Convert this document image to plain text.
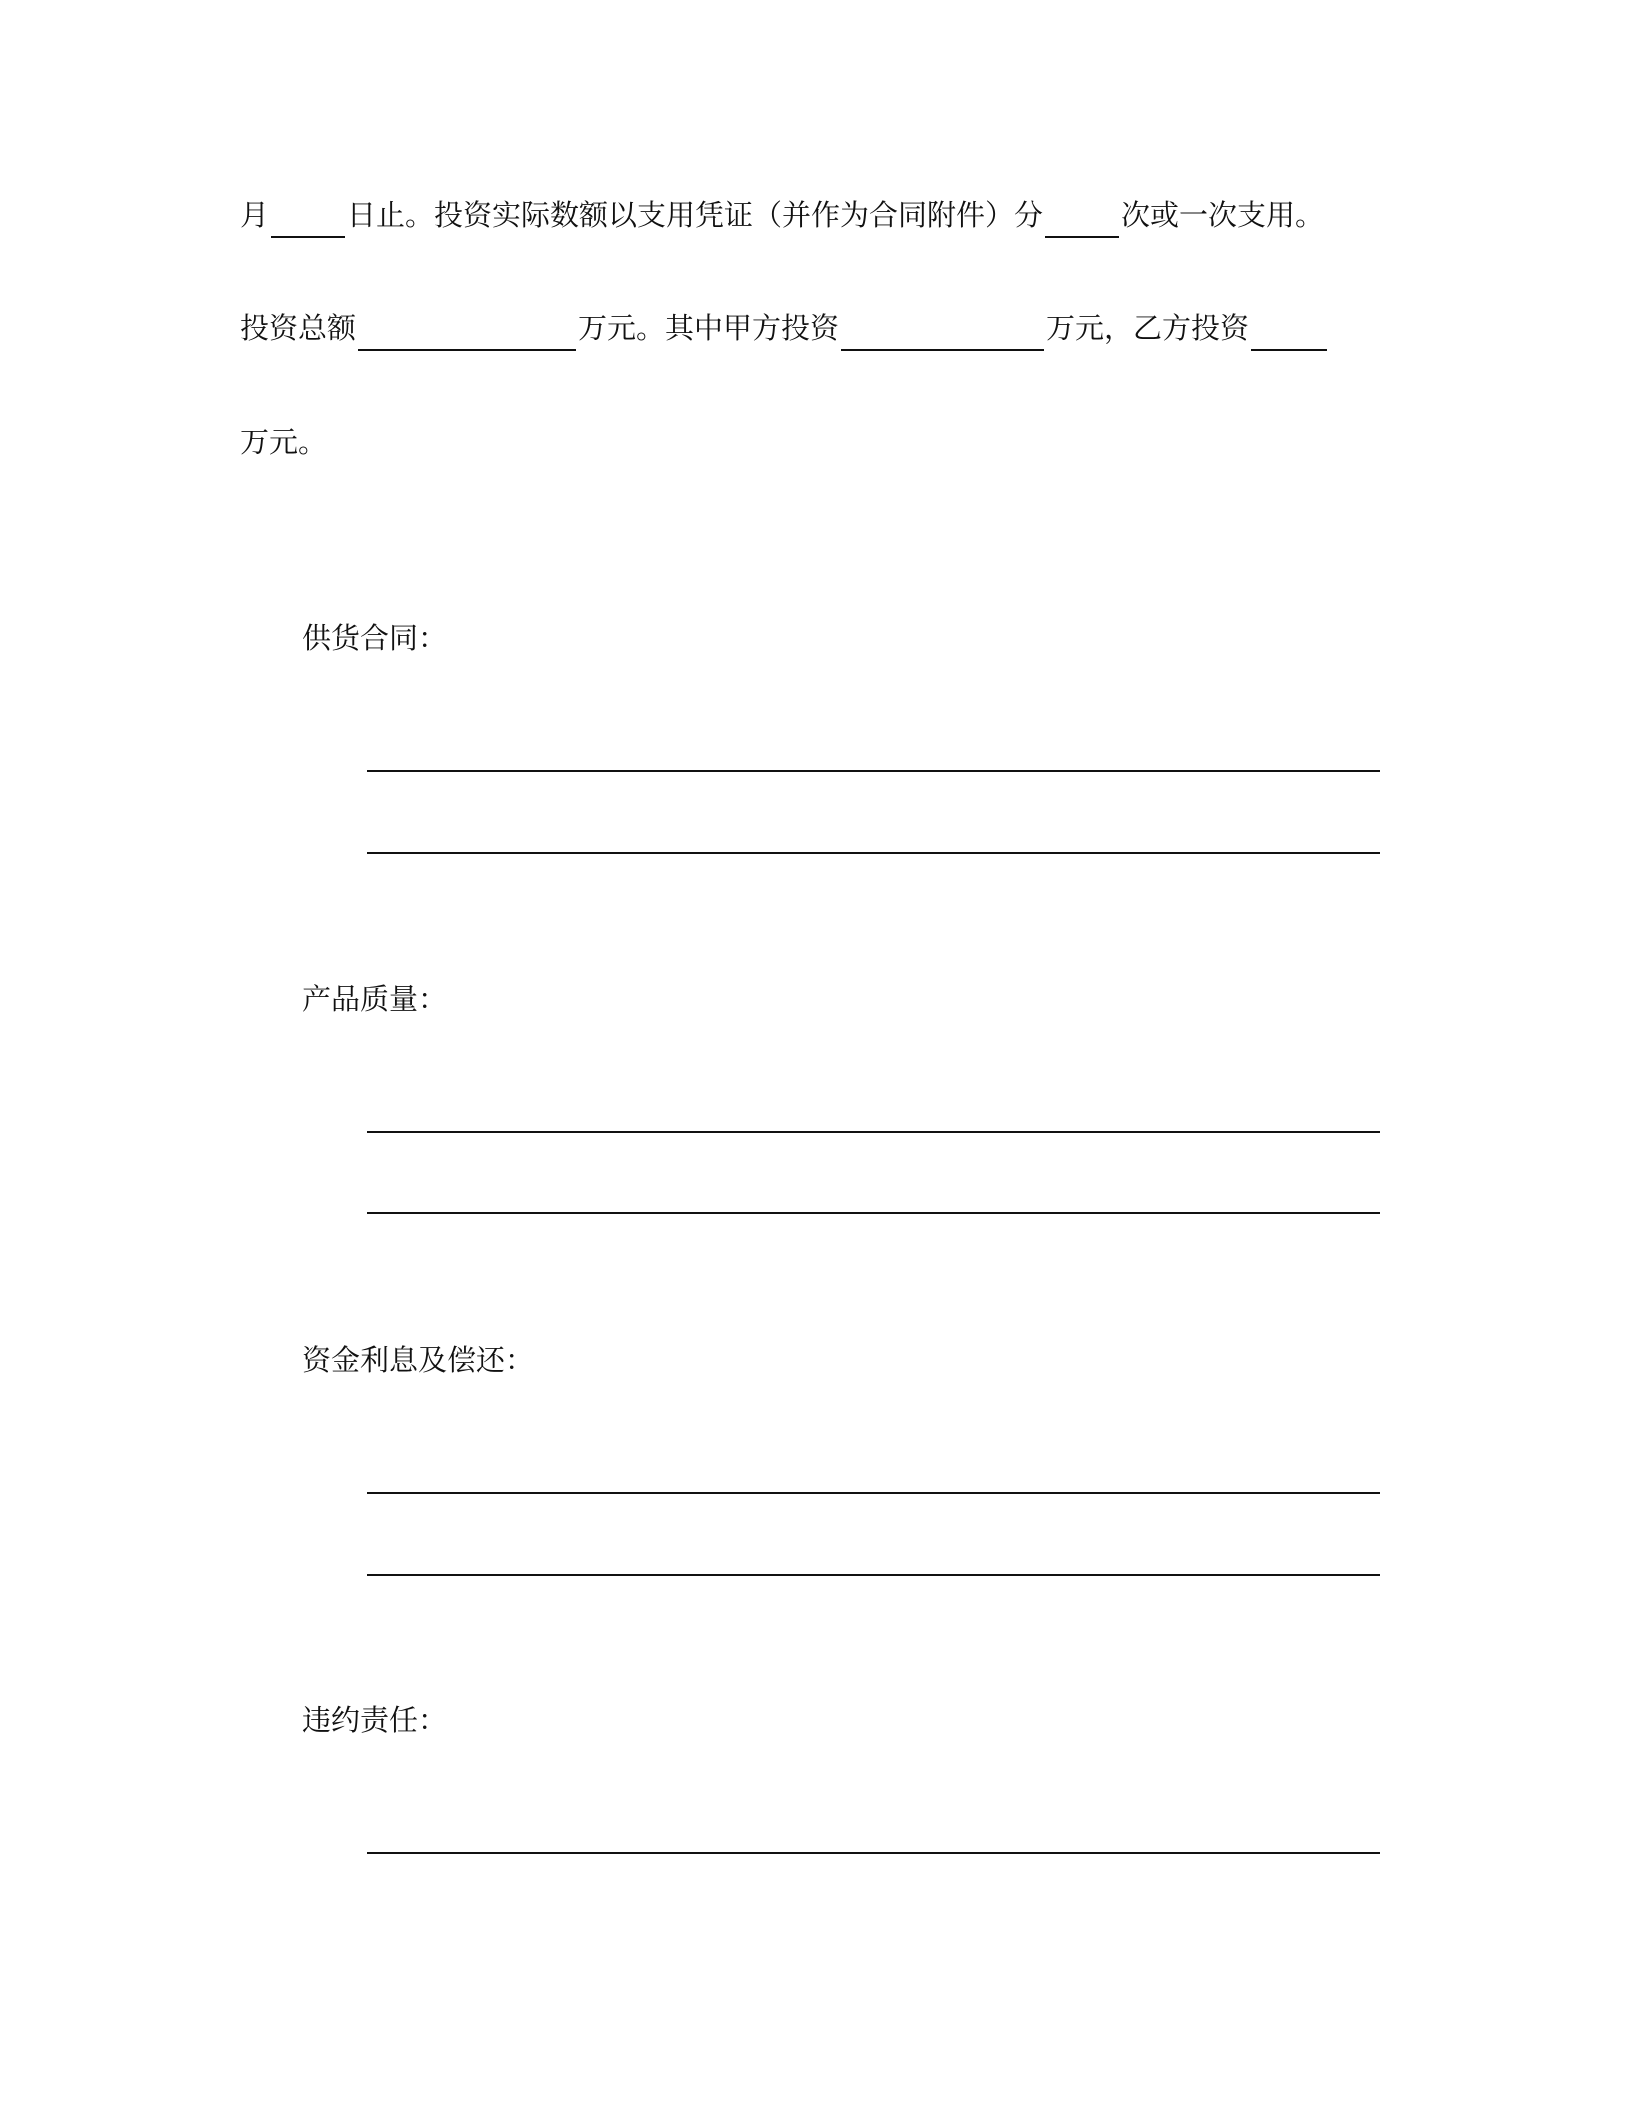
月	日止。投资实际数额以支用凭证（并作为合同附件）分	次或一次支用。
投资总额	万元。其中甲方投资	万元，乙方投资
万元。
供货合同：
产品质量：
资金利息及偿还：
违约责任：
